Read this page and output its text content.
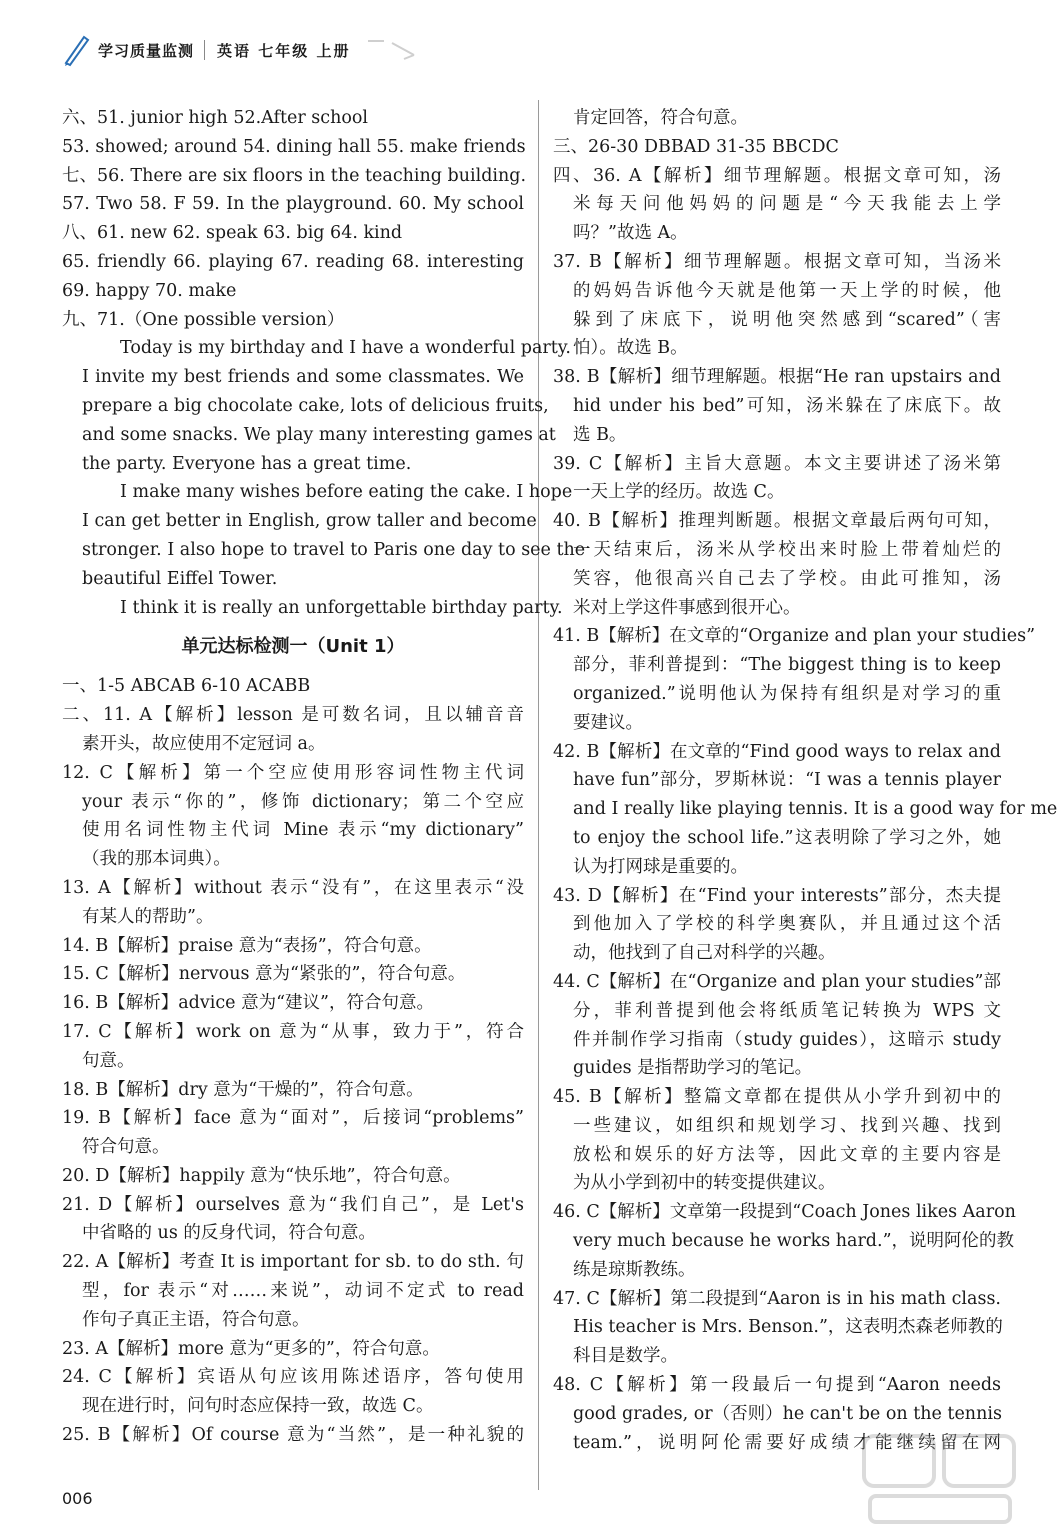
学习质量监测 英语 七年级 上册
六、51. junior high 52.After school
53. showed; around 54. dining hall 55. make friends
七、56. There are six floors in the teaching building.
57. Two 58. F 59. In the playground. 60. My school
八、61. new 62. speak 63. big 64. kind
65. friendly 66. playing 67. reading 68. interesting
69. happy 70. make
九、71.（One possible version）
Today is my birthday and I have a wonderful party.
I invite my best friends and some classmates. We
prepare a big chocolate cake, lots of delicious fruits,
and some snacks. We play many interesting games at
the party. Everyone has a great time.
I make many wishes before eating the cake. I hope
I can get better in English, grow taller and become
stronger. I also hope to travel to Paris one day to see the
beautiful Eiffel Tower.
I think it is really an unforgettable birthday party.
单元达标检测一（Unit 1）
一、1-5 ABCAB 6-10 ACABB
二、11. A【解析】lesson 是可数名词，且以辅音音
素开头，故应使用不定冠词 a。
12. C【解析】第一个空应使用形容词性物主代词
your 表示“你的”，修饰 dictionary；第二个空应
使用名词性物主代词 Mine 表示“my dictionary”
（我的那本词典）。
13. A【解析】without 表示“没有”，在这里表示“没
有某人的帮助”。
14. B【解析】praise 意为“表扬”，符合句意。
15. C【解析】nervous 意为“紧张的”，符合句意。
16. B【解析】advice 意为“建议”，符合句意。
17. C【解析】work on 意为“从事，致力于”，符合
句意。
18. B【解析】dry 意为“干燥的”，符合句意。
19. B【解析】face 意为“面对”，后接词“problems”
符合句意。
20. D【解析】happily 意为“快乐地”，符合句意。
21. D【解析】ourselves 意为“我们自己”，是 Let's
中省略的 us 的反身代词，符合句意。
22. A【解析】考查 It is important for sb. to do sth. 句
型，for 表示“对……来说”，动词不定式 to read
作句子真正主语，符合句意。
23. A【解析】more 意为“更多的”，符合句意。
24. C【解析】宾语从句应该用陈述语序，答句使用
现在进行时，问句时态应保持一致，故选 C。
25. B【解析】Of course 意为“当然”，是一种礼貌的
肯定回答，符合句意。
三、26-30 DBBAD 31-35 BBCDC
四、36. A【解析】细节理解题。根据文章可知，汤
米每天问他妈妈的问题是“今天我能去上学
吗？”故选 A。
37. B【解析】细节理解题。根据文章可知，当汤米
的妈妈告诉他今天就是他第一天上学的时候，他
躲到了床底下，说明他突然感到“scared”（害
怕）。故选 B。
38. B【解析】细节理解题。根据“He ran upstairs and
hid under his bed”可知，汤米躲在了床底下。故
选 B。
39. C【解析】主旨大意题。本文主要讲述了汤米第
一天上学的经历。故选 C。
40. B【解析】推理判断题。根据文章最后两句可知，
一天结束后，汤米从学校出来时脸上带着灿烂的
笑容，他很高兴自己去了学校。由此可推知，汤
米对上学这件事感到很开心。
41. B【解析】在文章的“Organize and plan your studies”
部分，菲利普提到：“The biggest thing is to keep
organized.”说明他认为保持有组织是对学习的重
要建议。
42. B【解析】在文章的“Find good ways to relax and
have fun”部分，罗斯林说：“I was a tennis player
and I really like playing tennis. It is a good way for me
to enjoy the school life.”这表明除了学习之外，她
认为打网球是重要的。
43. D【解析】在“Find your interests”部分，杰夫提
到他加入了学校的科学奥赛队，并且通过这个活
动，他找到了自己对科学的兴趣。
44. C【解析】在“Organize and plan your studies”部
分，菲利普提到他会将纸质笔记转换为 WPS 文
件并制作学习指南（study guides），这暗示 study
guides 是指帮助学习的笔记。
45. B【解析】整篇文章都在提供从小学升到初中的
一些建议，如组织和规划学习、找到兴趣、找到
放松和娱乐的好方法等，因此文章的主要内容是
为从小学到初中的转变提供建议。
46. C【解析】文章第一段提到“Coach Jones likes Aaron
very much because he works hard.”，说明阿伦的教
练是琼斯教练。
47. C【解析】第二段提到“Aaron is in his math class.
His teacher is Mrs. Benson.”，这表明杰森老师教的
科目是数学。
48. C【解析】第一段最后一句提到“Aaron needs
good grades, or（否则）he can't be on the tennis
team.”，说明阿伦需要好成绩才能继续留在网
006
